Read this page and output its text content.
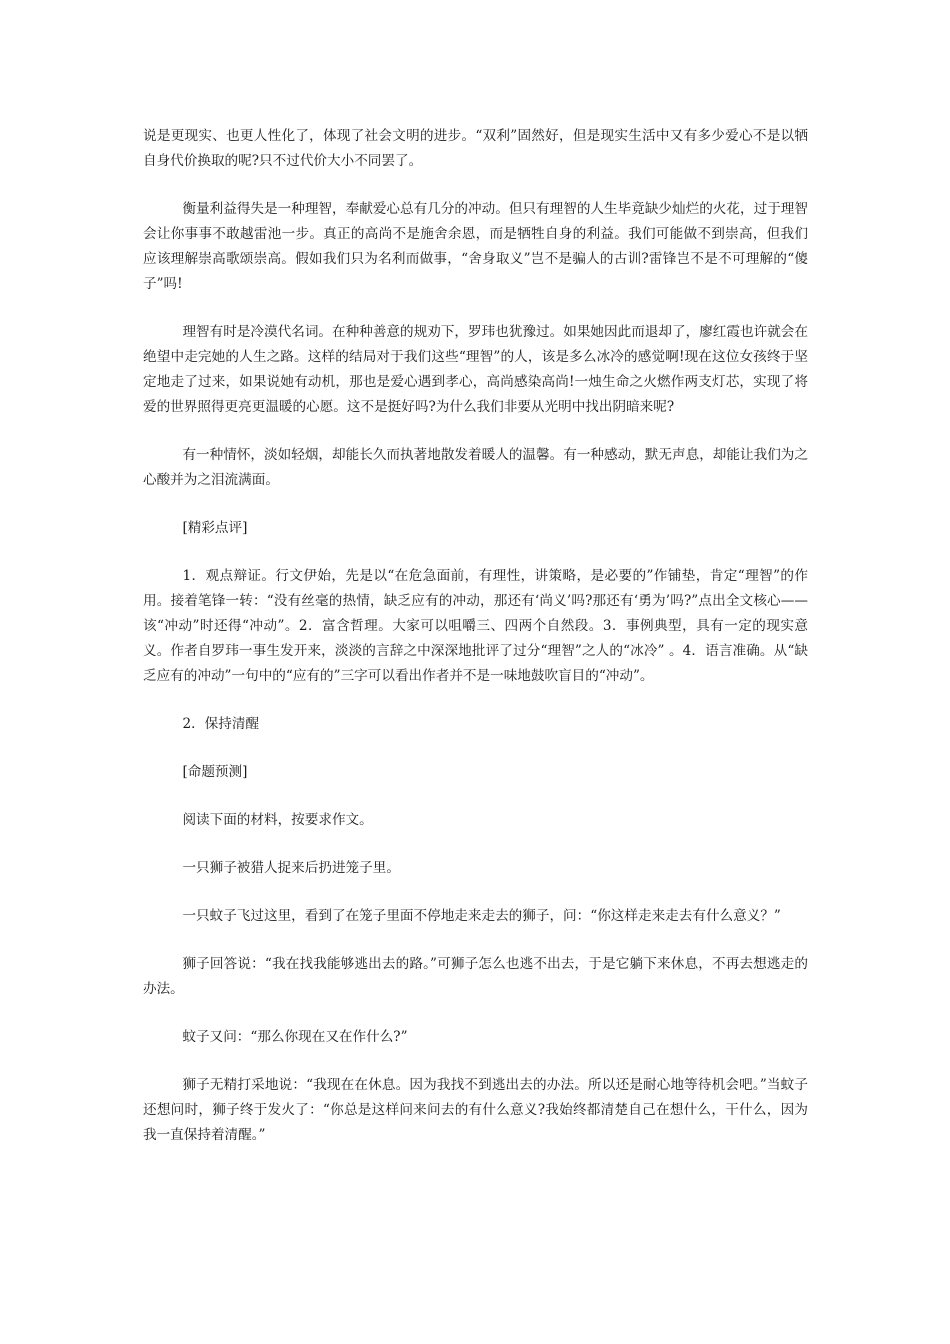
说是更现实、也更人性化了，体现了社会文明的进步。“双利”固然好，但是现实生活中又有多少爱心不是以牺自身代价换取的呢?只不过代价大小不同罢了。

衡量利益得失是一种理智，奉献爱心总有几分的冲动。但只有理智的人生毕竟缺少灿烂的火花，过于理智会让你事事不敢越雷池一步。真正的高尚不是施舍余恩，而是牺牲自身的利益。我们可能做不到崇高，但我们应该理解崇高歌颂崇高。假如我们只为名利而做事，“舍身取义”岂不是骗人的古训?雷锋岂不是不可理解的“傻子”吗!

理智有时是冷漠代名词。在种种善意的规劝下，罗玮也犹豫过。如果她因此而退却了，廖红霞也许就会在绝望中走完她的人生之路。这样的结局对于我们这些“理智”的人，该是多么冰冷的感觉啊!现在这位女孩终于坚定地走了过来，如果说她有动机，那也是爱心遇到孝心，高尚感染高尚!一烛生命之火燃作两支灯芯，实现了将爱的世界照得更亮更温暖的心愿。这不是挺好吗?为什么我们非要从光明中找出阴暗来呢?

有一种情怀，淡如轻烟，却能长久而执著地散发着暖人的温馨。有一种感动，默无声息，却能让我们为之心酸并为之泪流满面。

[精彩点评]

1．观点辩证。行文伊始，先是以“在危急面前，有理性，讲策略，是必要的”作铺垫，肯定“理智”的作用。接着笔锋一转：“没有丝毫的热情，缺乏应有的冲动，那还有‘尚义’吗?那还有‘勇为’吗?”点出全文核心——该“冲动”时还得“冲动”。2．富含哲理。大家可以咀嚼三、四两个自然段。3．事例典型，具有一定的现实意义。作者自罗玮一事生发开来，淡淡的言辞之中深深地批评了过分“理智”之人的“冰冷” 。4．语言准确。从“缺乏应有的冲动”一句中的“应有的”三字可以看出作者并不是一味地鼓吹盲目的“冲动”。

2．保持清醒

[命题预测]

阅读下面的材料，按要求作文。

一只狮子被猎人捉来后扔进笼子里。

一只蚊子飞过这里，看到了在笼子里面不停地走来走去的狮子，问：“你这样走来走去有什么意义？”

狮子回答说：“我在找我能够逃出去的路。”可狮子怎么也逃不出去，于是它躺下来休息，不再去想逃走的办法。

蚊子又问：“那么你现在又在作什么?”

狮子无精打采地说：“我现在在休息。因为我找不到逃出去的办法。所以还是耐心地等待机会吧。”当蚊子还想问时，狮子终于发火了：“你总是这样问来问去的有什么意义?我始终都清楚自己在想什么，干什么，因为我一直保持着清醒。”
